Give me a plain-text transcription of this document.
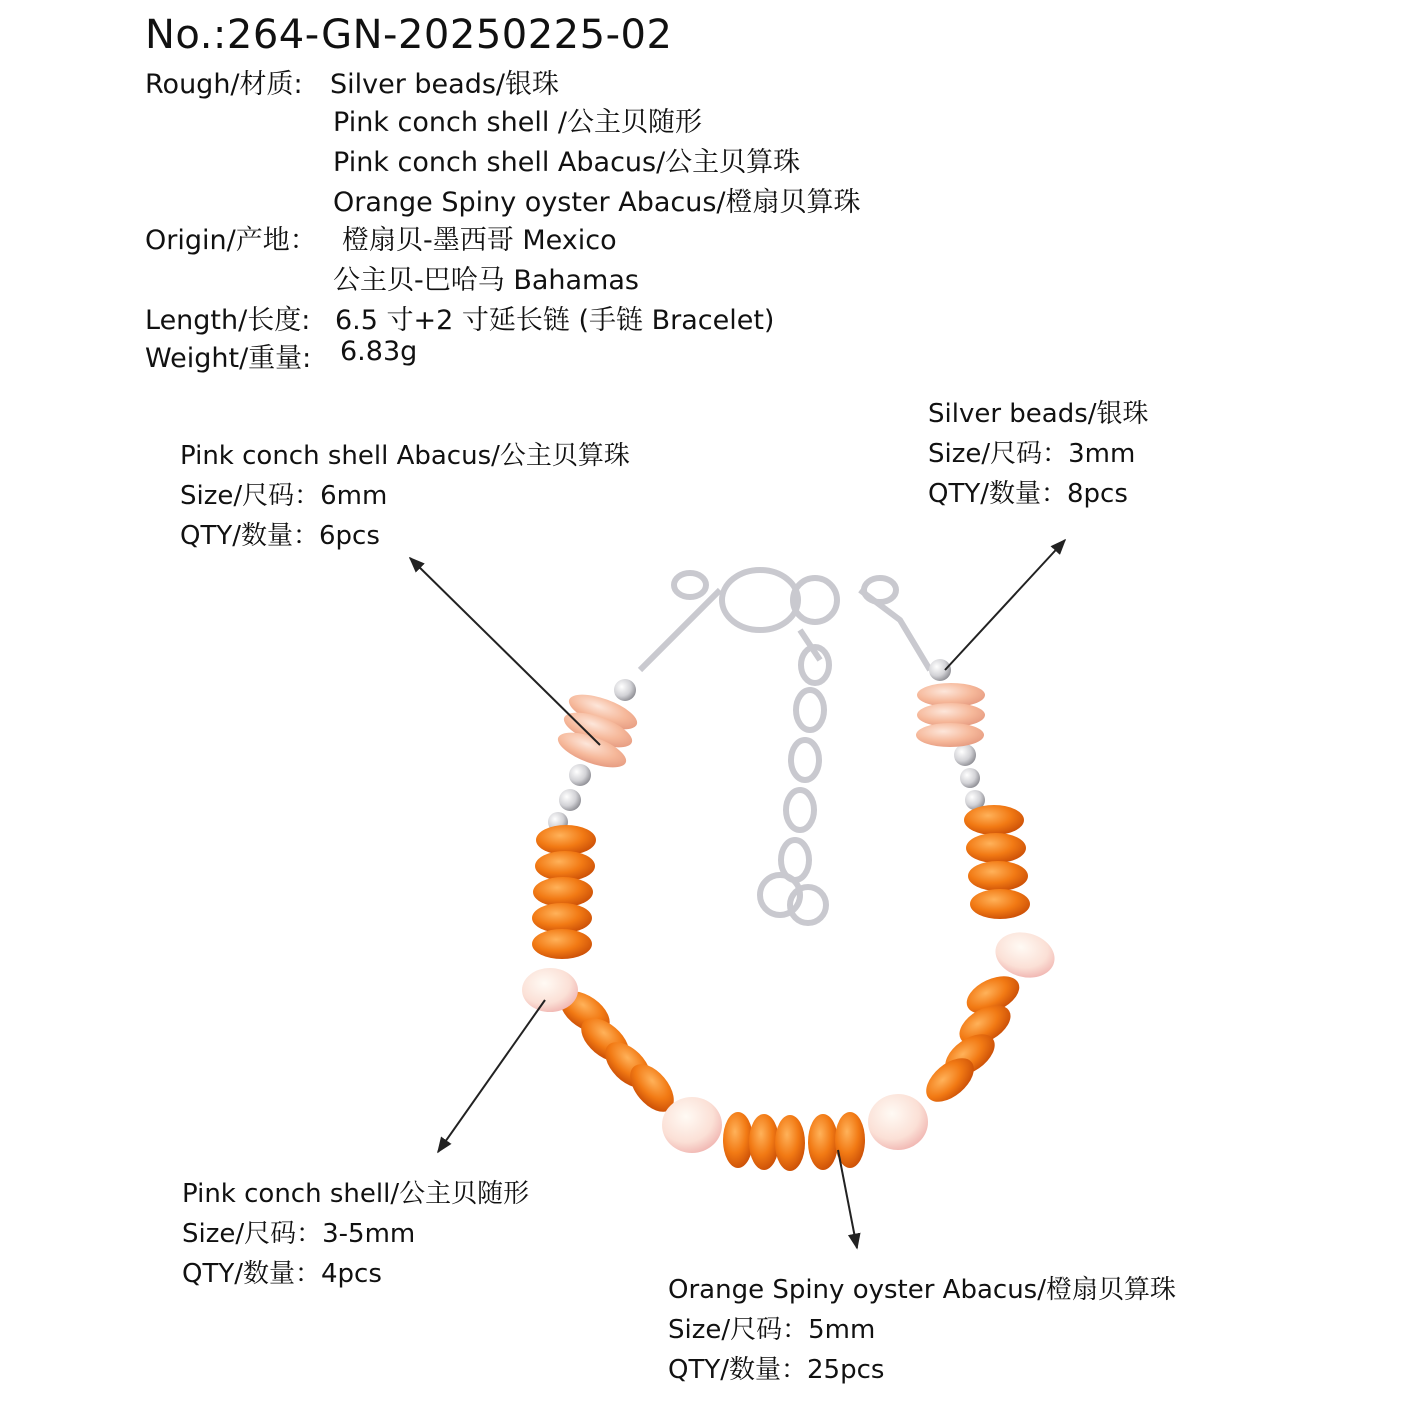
No.:264-GN-20250225-02
Rough/材质: Silver beads/银珠
Pink conch shell /公主贝随形
Pink conch shell Abacus/公主贝算珠
Orange Spiny oyster Abacus/橙扇贝算珠
Origin/产地： 橙扇贝-墨西哥 Mexico
公主贝-巴哈马 Bahamas
Length/长度: 6.5 寸+2 寸延长链 (手链 Bracelet)
Weight/重量: 6.83g
Pink conch shell Abacus/公主贝算珠
Size/尺码：6mm
QTY/数量：6pcs
Silver beads/银珠
Size/尺码：3mm
QTY/数量：8pcs
Pink conch shell/公主贝随形
Size/尺码：3-5mm
QTY/数量：4pcs
Orange Spiny oyster Abacus/橙扇贝算珠
Size/尺码：5mm
QTY/数量：25pcs
